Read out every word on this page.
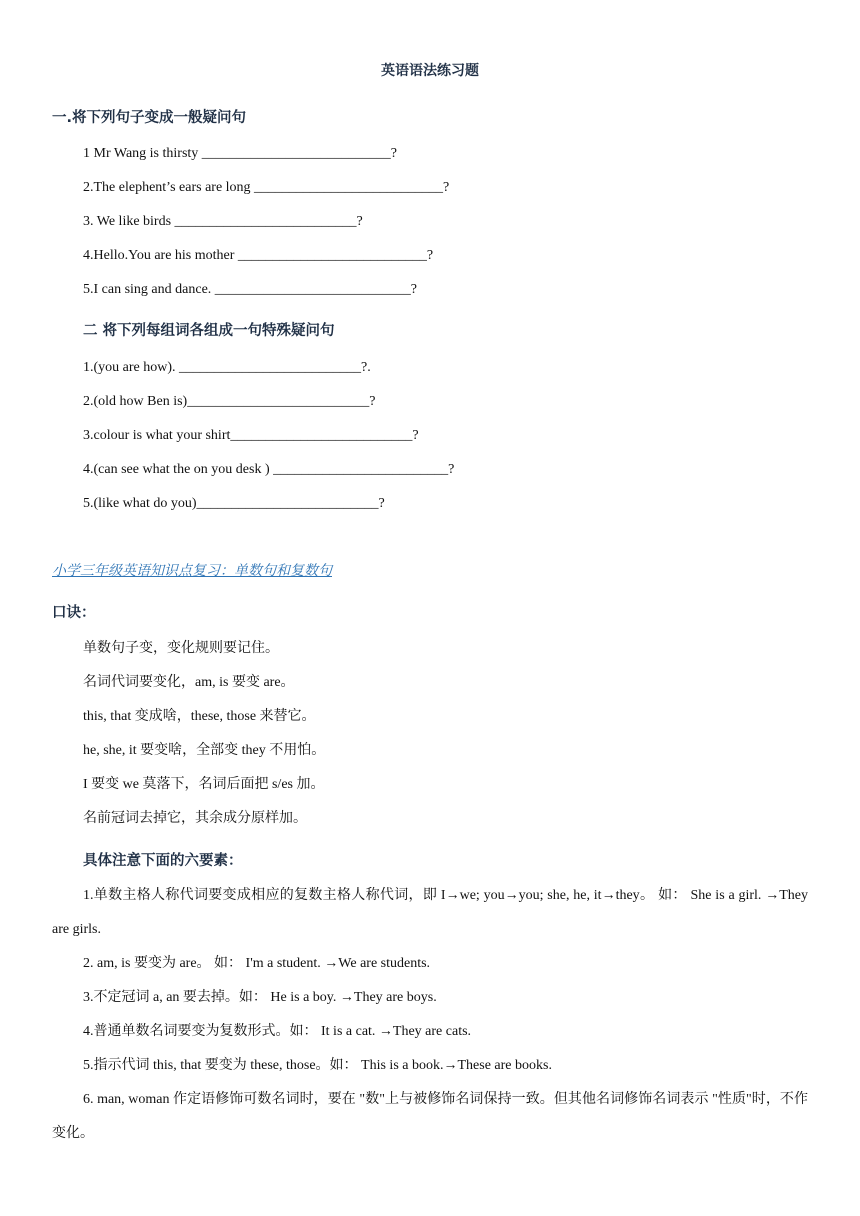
英语语法练习题
一.将下列句子变成一般疑问句
1 Mr Wang is thirsty ___________________________?
2.The elephent’s ears are long ___________________________?
3. We like birds __________________________?
4.Hello.You are his mother ___________________________?
5.I can sing and dance. ____________________________?
二 将下列每组词各组成一句特殊疑问句
1.(you are how). __________________________?.
2.(old how Ben is)__________________________?
3.colour is what your shirt__________________________?
4.(can see what the on you desk ) _________________________?
5.(like what do you)__________________________?
小学三年级英语知识点复习：单数句和复数句
口诀：
单数句子变，变化规则要记住。
名词代词要变化，am, is 要变 are。
this, that 变成啥，these, those 来替它。
he, she, it 要变啥，全部变 they 不用怕。
I 要变 we 莫落下，名词后面把 s/es 加。
名前冠词去掉它，其余成分原样加。
具体注意下面的六要素：
1.单数主格人称代词要变成相应的复数主格人称代词，即 I→we; you→you; she, he, it→they。 如： She is a girl. →They are girls.
2. am, is 要变为 are。 如： I'm a student. →We are students.
3.不定冠词 a, an 要去掉。如： He is a boy. →They are boys.
4.普通单数名词要变为复数形式。如： It is a cat. →They are cats.
5.指示代词 this, that 要变为 these, those。如： This is a book.→These are books.
6. man, woman 作定语修饰可数名词时，要在 "数"上与被修饰名词保持一致。但其他名词修饰名词表示 "性质"时，不作变化。
